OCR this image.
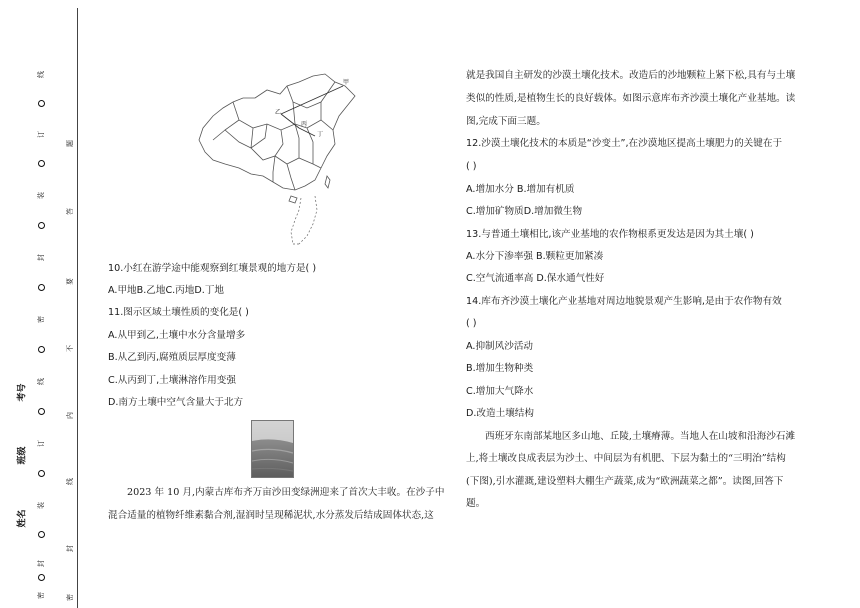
线
订
装
封
密
线
订
装
封
密
题
答
要
不
内
线
封
密
考号
班级
姓名
甲
乙
丙
丁
10.小红在游学途中能观察到红壤景观的地方是( )
A.甲地B.乙地C.丙地D.丁地
11.图示区域土壤性质的变化是( )
A.从甲到乙,土壤中水分含量增多
B.从乙到丙,腐殖质层厚度变薄
C.从丙到丁,土壤淋溶作用变强
D.南方土壤中空气含量大于北方
2023 年 10 月,内蒙古库布齐万亩沙田变绿洲迎来了首次大丰收。在沙子中
混合适量的植物纤维素黏合剂,湿润时呈现稀泥状,水分蒸发后结成固体状态,这
就是我国自主研发的沙漠土壤化技术。改造后的沙地颗粒上紧下松,具有与土壤
类似的性质,是植物生长的良好载体。如图示意库布齐沙漠土壤化产业基地。读
图,完成下面三题。
12.沙漠土壤化技术的本质是“沙变土”,在沙漠地区提高土壤肥力的关键在于
( )
A.增加水分 B.增加有机质
C.增加矿物质D.增加微生物
13.与普通土壤相比,该产业基地的农作物根系更发达是因为其土壤( )
A.水分下渗率强 B.颗粒更加紧凑
C.空气流通率高 D.保水通气性好
14.库布齐沙漠土壤化产业基地对周边地貌景观产生影响,是由于农作物有效
( )
A.抑制风沙活动
B.增加生物种类
C.增加大气降水
D.改造土壤结构
西班牙东南部某地区多山地、丘陵,土壤瘠薄。当地人在山坡和沿海沙石滩
上,将土壤改良成表层为沙土、中间层为有机肥、下层为黏土的“三明治”结构
(下图),引水灌溉,建设塑料大棚生产蔬菜,成为“欧洲蔬菜之都”。读图,回答下
题。
